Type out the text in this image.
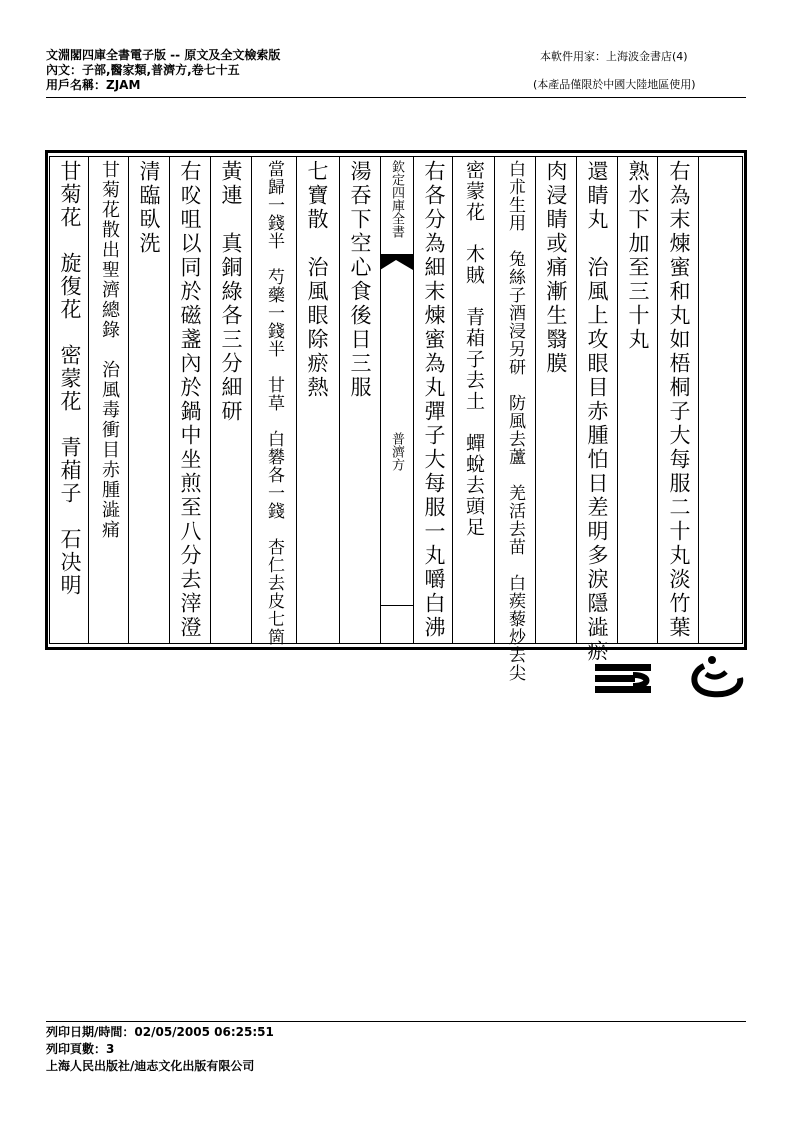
文淵閣四庫全書電子版 -- 原文及全文檢索版
內文：子部,醫家類,普濟方,卷七十五
用戶名稱：ZJAM
本軟件用家：上海波金書店(4)
(本產品僅限於中國大陸地區使用)
右為末煉蜜和丸如梧桐子大每服二十丸淡竹葉
熟水下加至三十丸
還睛丸　治風上攻眼目赤腫怕日差明多淚隱澁瘀
肉浸睛或痛漸生翳膜
白朮生用　兔絲子酒浸另研　防風去蘆　羌活去苗　白蒺藜炒去尖
密蒙花　木賊　青葙子去土　蟬蛻去頭足
右各分為細末煉蜜為丸彈子大每服一丸嚼白沸
欽定四庫全書
普濟方
湯吞下空心食後日三服
七寶散　治風眼除瘀熱
當歸一錢半　芍藥一錢半　甘草　白礬各一錢　杏仁去皮七箇
黃連　真銅綠各三分細研
右㕮咀以同於磁盞內於鍋中坐煎至八分去滓澄
清臨臥洗
甘菊花散出聖濟總錄　治風毒衝目赤腫澁痛
甘菊花　旋復花　密蒙花　青葙子　石决明
列印日期/時間：02/05/2005 06:25:51
列印頁數：3
上海人民出版社/迪志文化出版有限公司
